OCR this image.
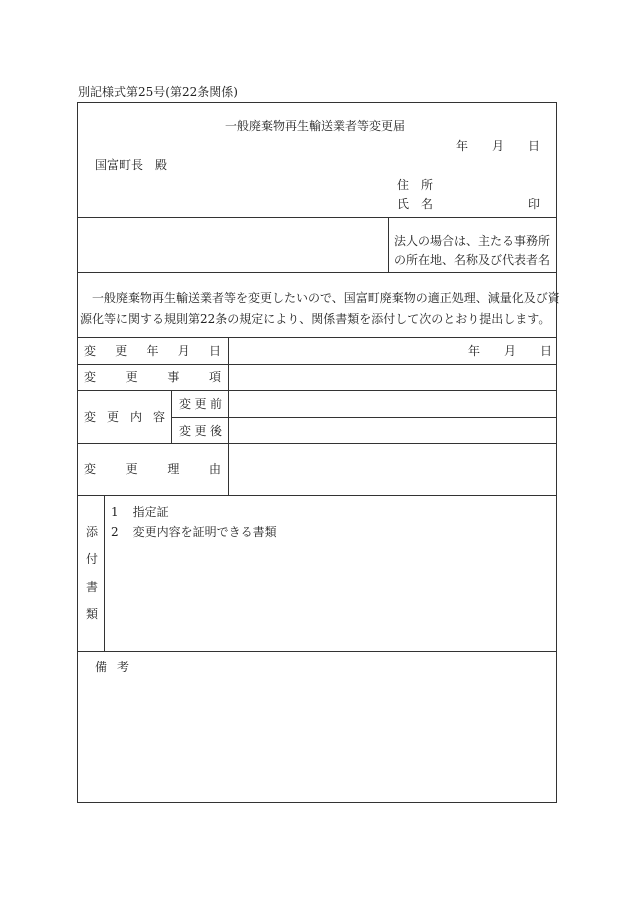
別記様式第25号(第22条関係)
一般廃棄物再生輸送業者等変更届
年 月 日
国富町長　殿
住 所
氏 名	印
法人の場合は、主たる事務所
の所在地、名称及び代表者名
一般廃棄物再生輸送業者等を変更したいので、国富町廃棄物の適正処理、減量化及び資
源化等に関する規則第22条の規定により、関係書類を添付して次のとおり提出します。
変 更 年 月 日	年 月 日
変 更 事 項
変 更 内 容
変 更 前
変 更 後
変 更 理 由
添
付
書
類
1 指定証
2 変更内容を証明できる書類
備 考
